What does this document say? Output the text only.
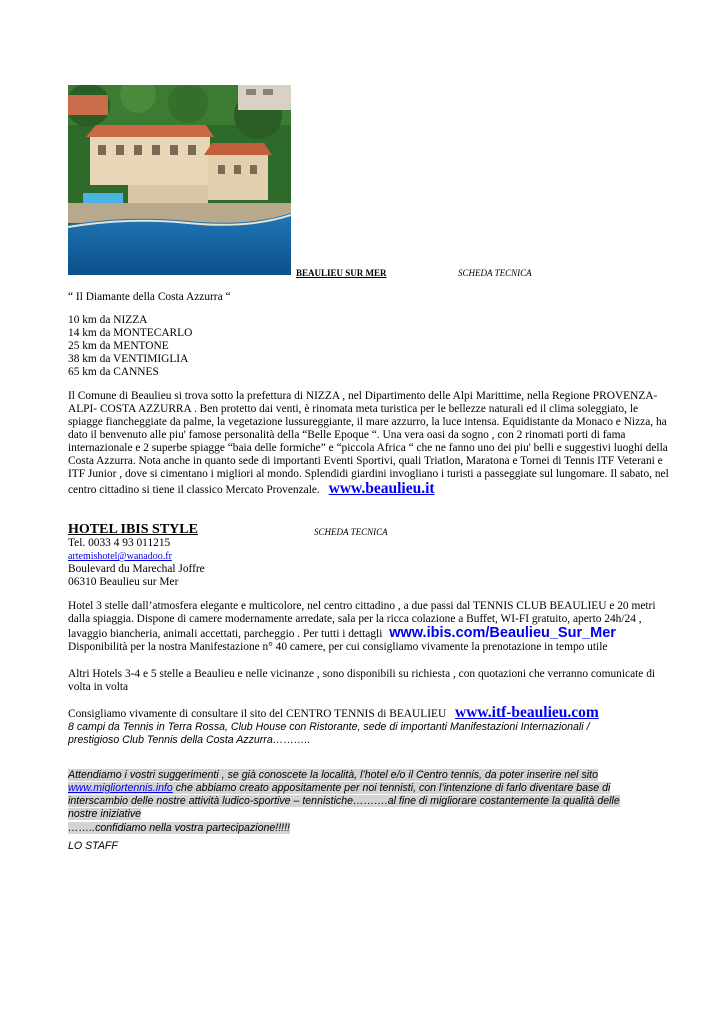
BEAULIEU SUR MER	SCHEDA TECNICA
“ Il Diamante della Costa Azzurra “

10 km da NIZZA

14 km da MONTECARLO

25 km da MENTONE

38 km da VENTIMIGLIA

65 km da CANNES

Il Comune di Beaulieu si trova sotto la prefettura di NIZZA , nel Dipartimento delle Alpi Marittime, nella Regione PROVENZA-

ALPI- COSTA AZZURRA . Ben protetto dai venti, è rinomata meta turistica per le bellezze naturali ed il clima soleggiato, le

spiagge fiancheggiate da palme, la vegetazione lussureggiante, il mare azzurro, la luce intensa. Equidistante da Monaco e Nizza, ha

dato il benvenuto alle piu' famose personalità della “Belle Epoque “. Una vera oasi da sogno , con 2 rinomati porti di fama

internazionale e 2 superbe spiagge “baia delle formiche” e “piccola Africa “ che ne fanno uno dei piu' belli e suggestivi luoghi della

Costa Azzurra. Nota anche in quanto sede di importanti Eventi Sportivi, quali Triatlon, Maratona e Tornei di Tennis ITF Veterani e

ITF Junior , dove si cimentano i migliori al mondo. Splendidi giardini invogliano i turisti a passeggiate sul lungomare. Il sabato, nel

centro cittadino si tiene il classico Mercato Provenzale. www.beaulieu.it

HOTEL IBIS STYLE	SCHEDA TECNICA

Tel. 0033 4 93 011215

artemishotel@wanadoo.fr

Boulevard du Marechal Joffre

06310 Beaulieu sur Mer

Hotel 3 stelle dall’atmosfera elegante e multicolore, nel centro cittadino , a due passi dal TENNIS CLUB BEAULIEU e 20 metri

dalla spiaggia. Dispone di camere modernamente arredate, sala per la ricca colazione a Buffet, WI-FI gratuito, aperto 24h/24 ,

lavaggio biancheria, animali accettati, parcheggio . Per tutti i dettagli www.ibis.com/Beaulieu_Sur_Mer

Disponibilità per la nostra Manifestazione n° 40 camere, per cui consigliamo vivamente la prenotazione in tempo utile

Altri Hotels 3-4 e 5 stelle a Beaulieu e nelle vicinanze , sono disponibili su richiesta , con quotazioni che verranno comunicate di

volta in volta

Consigliamo vivamente di consultare il sito del CENTRO TENNIS di BEAULIEU www.itf-beaulieu.com

8 campi da Tennis in Terra Rossa, Club House con Ristorante, sede di importanti Manifestazioni Internazionali /

prestigioso Club Tennis della Costa Azzurra………..

Attendiamo i vostri suggerimenti , se già conoscete la località, l’hotel e/o il Centro tennis, da poter inserire nel sito

www.migliortennis.info che abbiamo creato appositamente per noi tennisti, con l’intenzione di farlo diventare base di

interscambio delle nostre attività ludico-sportive – tennistiche……….al fine di migliorare costantemente la qualità delle

nostre iniziative

……..confidiamo nella vostra partecipazione!!!!!

LO STAFF
